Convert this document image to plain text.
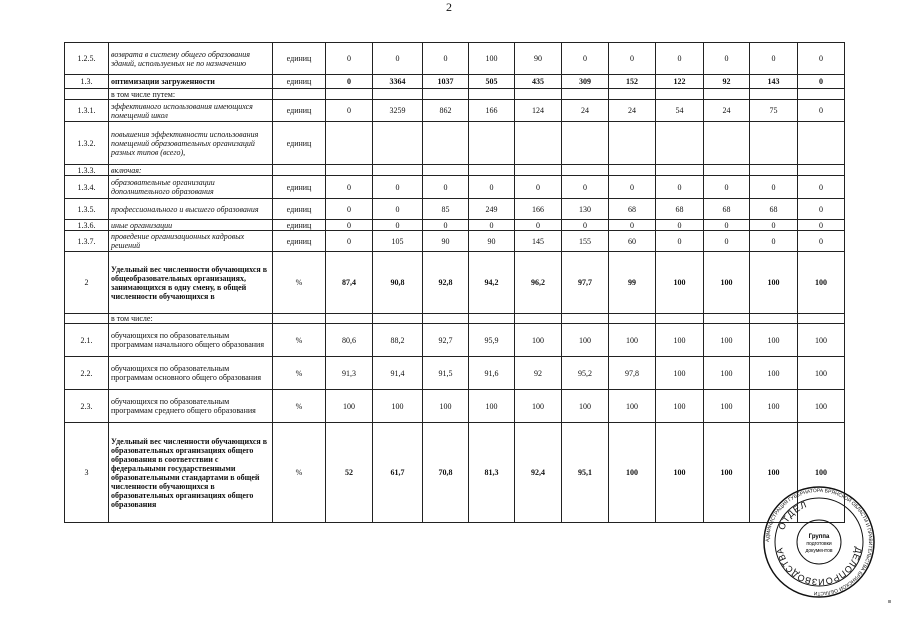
2
1.2.5.	возврата в систему общего образования зданий, используемых не по назначению	единиц	0	0	0	100	90	0	0	0	0	0	0
1.3.	оптимизации загруженности	единиц	0	3364	1037	505	435	309	152	122	92	143	0
	в том числе путем:												
1.3.1.	эффективного использования имеющихся помещений школ	единиц	0	3259	862	166	124	24	24	54	24	75	0
1.3.2.	повышения эффективности использования помещений образовательных организаций разных типов (всего),	единиц											
1.3.3.	включая:												
1.3.4.	образовательные организации дополнительного образования	единиц	0	0	0	0	0	0	0	0	0	0	0
1.3.5.	профессионального и высшего образования	единиц	0	0	85	249	166	130	68	68	68	68	0
1.3.6.	иные организации	единиц	0	0	0	0	0	0	0	0	0	0	0
1.3.7.	проведение организационных кадровых решений	единиц	0	105	90	90	145	155	60	0	0	0	0
2	Удельный вес численности обучающихся в общеобразовательных организациях, занимающихся в одну смену, в общей численности обучающихся в	%	87,4	90,8	92,8	94,2	96,2	97,7	99	100	100	100	100
	в том числе:												
2.1.	обучающихся по образовательным программам начального общего образования	%	80,6	88,2	92,7	95,9	100	100	100	100	100	100	100
2.2.	обучающихся по образовательным программам основного общего образования	%	91,3	91,4	91,5	91,6	92	95,2	97,8	100	100	100	100
2.3.	обучающихся по образовательным программам среднего общего образования	%	100	100	100	100	100	100	100	100	100	100	100
3	Удельный вес численности обучающихся в образовательных организациях общего образования в соответствии с федеральными государственными образовательными стандартами в общей численности обучающихся в образовательных организациях общего образования	%	52	61,7	70,8	81,3	92,4	95,1	100	100	100	100	100
АДМИНИСТРАЦИЯ ГУБЕРНАТОРА БРЯНСКОЙ ОБЛАСТИ И ПРАВИТЕЛЬСТВА БРЯНСКОЙ ОБЛАСТИ
ОТДЕЛ
ДЕЛОПРОИЗВОДСТВА
Группа
подготовки
документов
